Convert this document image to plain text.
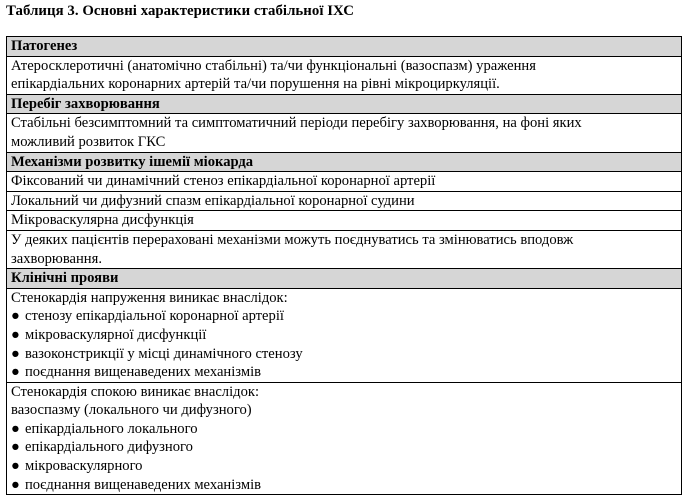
Таблиця 3. Основні характеристики стабільної ІХС
Патогенез

Атеросклеротичні (анатомічно стабільні) та/чи функціональні (вазоспазм) ураження
епікардіальних коронарних артерій та/чи порушення на рівні мікроциркуляції.

Перебіг захворювання

Стабільні безсимптомний та симптоматичний періоди перебігу захворювання, на фоні яких
можливий розвиток ГКС

Механізми розвитку ішемії міокарда
Фіксований чи динамічний стеноз епікардіальної коронарної артерії
Локальний чи дифузний спазм епікардіальної коронарної судини
Мікроваскулярна дисфункція

У деяких пацієнтів перераховані механізми можуть поєднуватись та змінюватись вподовж
захворювання.

Клінічні прояви

Стенокардія напруження виникає внаслідок:
● стенозу епікардіальної коронарної артерії
● мікроваскулярної дисфункції
● вазоконстрикції у місці динамічного стенозу
● поєднання вищенаведених механізмів

Стенокардія спокою виникає внаслідок:
вазоспазму (локального чи дифузного)
● епікардіального локального
● епікардіального дифузного
● мікроваскулярного
● поєднання вищенаведених механізмів
